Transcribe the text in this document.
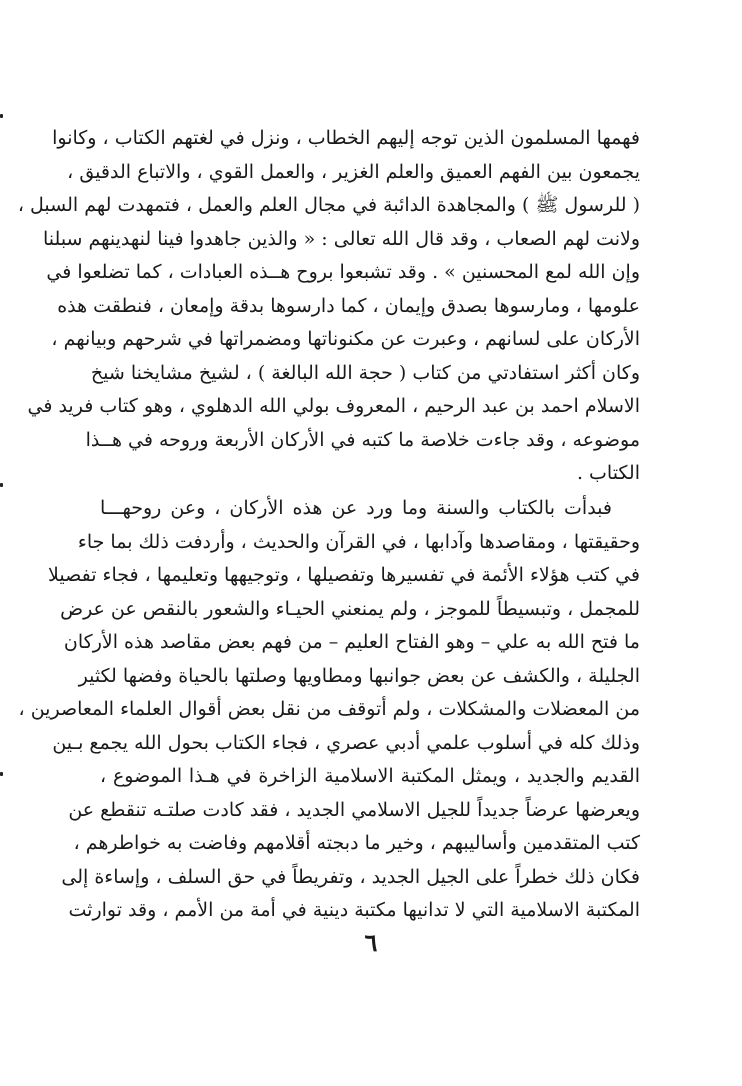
فهمها المسلمون الذين توجه إليهم الخطاب ، ونزل في لغتهم الكتاب ، وكانوا
يجمعون بين الفهم العميق والعلم الغزير ، والعمل القوي ، والاتباع الدقيق ،
( للرسول ﷺ ) والمجاهدة الدائبة في مجال العلم والعمل ، فتمهدت لهم السبل ،
ولانت لهم الصعاب ، وقد قال الله تعالى : « والذين جاهدوا فينا لنهدينهم سبلنا
وإن الله لمع المحسنين » . وقد تشبعوا بروح هــذه العبادات ، كما تضلعوا في
علومها ، ومارسوها بصدق وإيمان ، كما دارسوها بدقة وإمعان ، فنطقت هذه
الأركان على لسانهم ، وعبرت عن مكنوناتها ومضمراتها في شرحهم وبيانهم ،
وكان أكثر استفادتي من كتاب ( حجة الله البالغة ) ، لشيخ مشايخنا شيخ
الاسلام احمد بن عبد الرحيم ، المعروف بولي الله الدهلوي ، وهو كتاب فريد في
موضوعه ، وقد جاءت خلاصة ما كتبه في الأركان الأربعة وروحه في هــذا
الكتاب .
فبدأت بالكتاب والسنة وما ورد عن هذه الأركان ، وعن روحهـــا
وحقيقتها ، ومقاصدها وآدابها ، في القرآن والحديث ، وأردفت ذلك بما جاء
في كتب هؤلاء الأئمة في تفسيرها وتفصيلها ، وتوجيهها وتعليمها ، فجاء تفصيلا
للمجمل ، وتبسيطاً للموجز ، ولم يمنعني الحيـاء والشعور بالنقص عن عرض
ما فتح الله به علي – وهو الفتاح العليم – من فهم بعض مقاصد هذه الأركان
الجليلة ، والكشف عن بعض جوانبها ومطاويها وصلتها بالحياة وفضها لكثير
من المعضلات والمشكلات ، ولم أتوقف من نقل بعض أقوال العلماء المعاصرين ،
وذلك كله في أسلوب علمي أدبي عصري ، فجاء الكتاب بحول الله يجمع بـين
القديم والجديد ، ويمثل المكتبة الاسلامية الزاخرة في هـذا الموضوع ،
ويعرضها عرضاً جديداً للجيل الاسلامي الجديد ، فقد كادت صلتـه تنقطع عن
كتب المتقدمين وأساليبهم ، وخير ما دبجته أقلامهم وفاضت به خواطرهم ،
فكان ذلك خطراً على الجيل الجديد ، وتفريطاً في حق السلف ، وإساءة إلى
المكتبة الاسلامية التي لا تدانيها مكتبة دينية في أمة من الأمم ، وقد توارثت
٦
